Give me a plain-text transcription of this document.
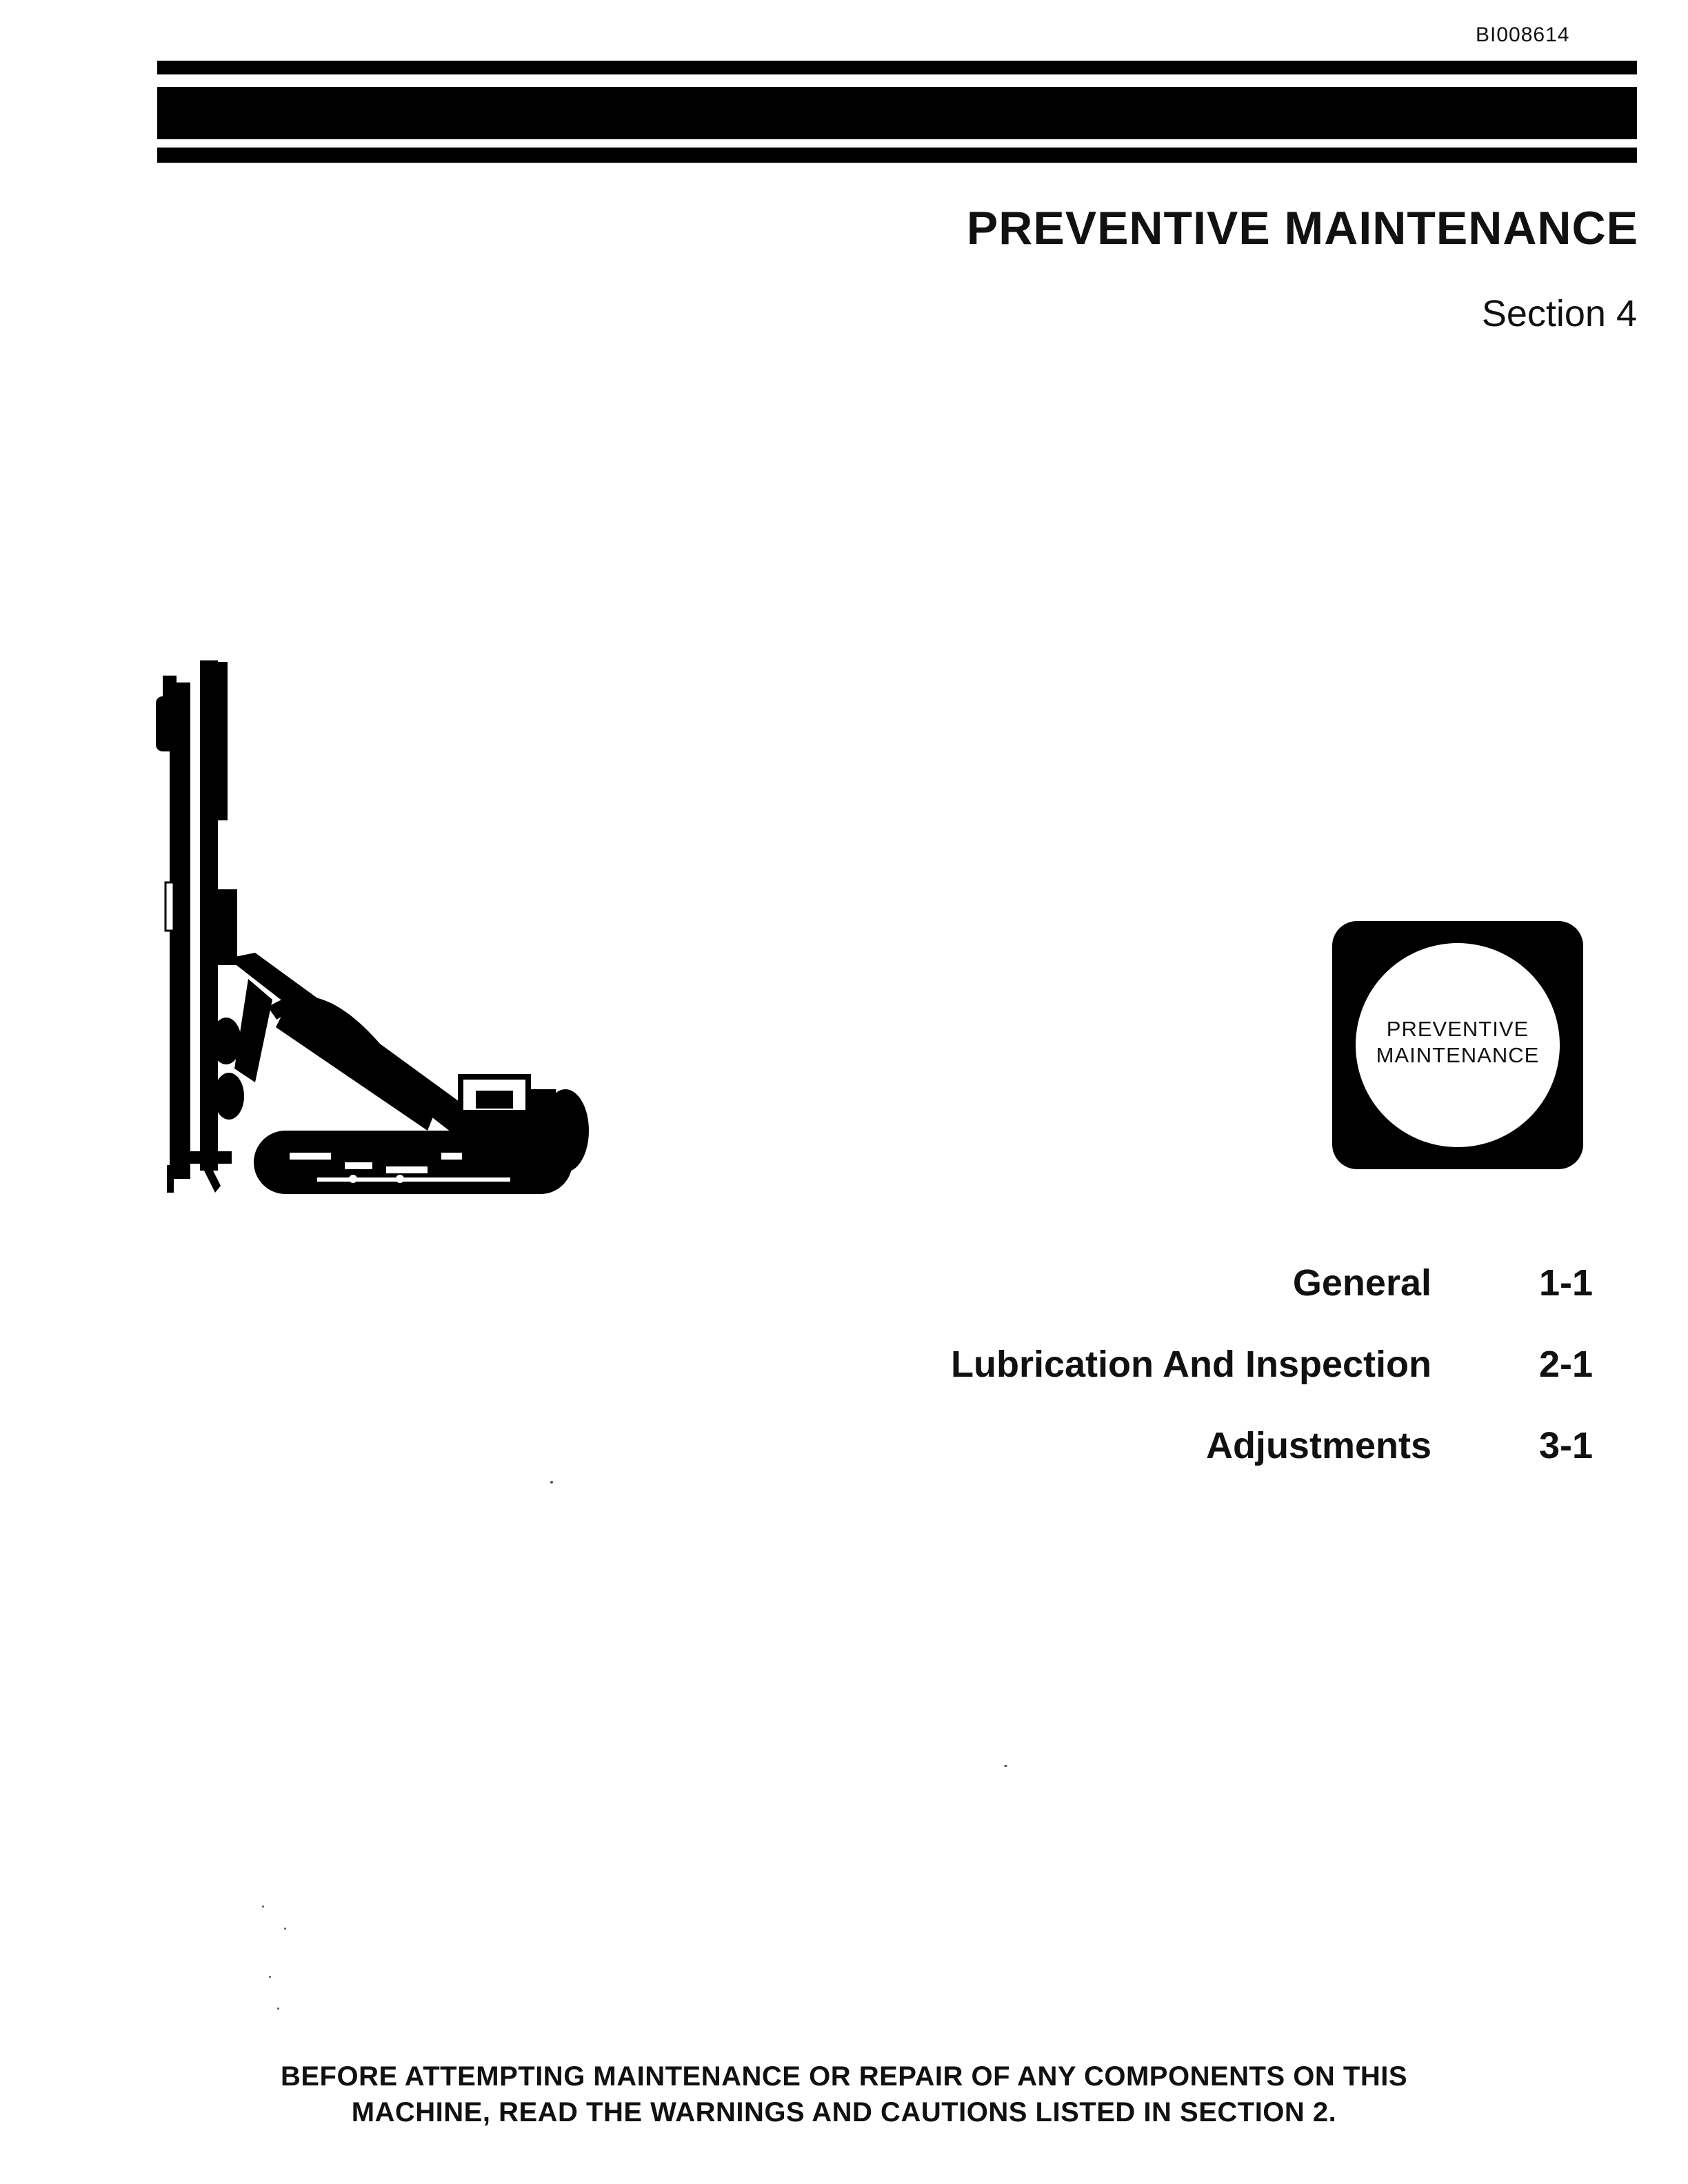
BI008614
PREVENTIVE MAINTENANCE
Section 4
PREVENTIVE
MAINTENANCE
General	1-1
Lubrication And Inspection	2-1
Adjustments	3-1
BEFORE ATTEMPTING MAINTENANCE OR REPAIR OF ANY COMPONENTS ON THIS
MACHINE, READ THE WARNINGS AND CAUTIONS LISTED IN SECTION 2.
